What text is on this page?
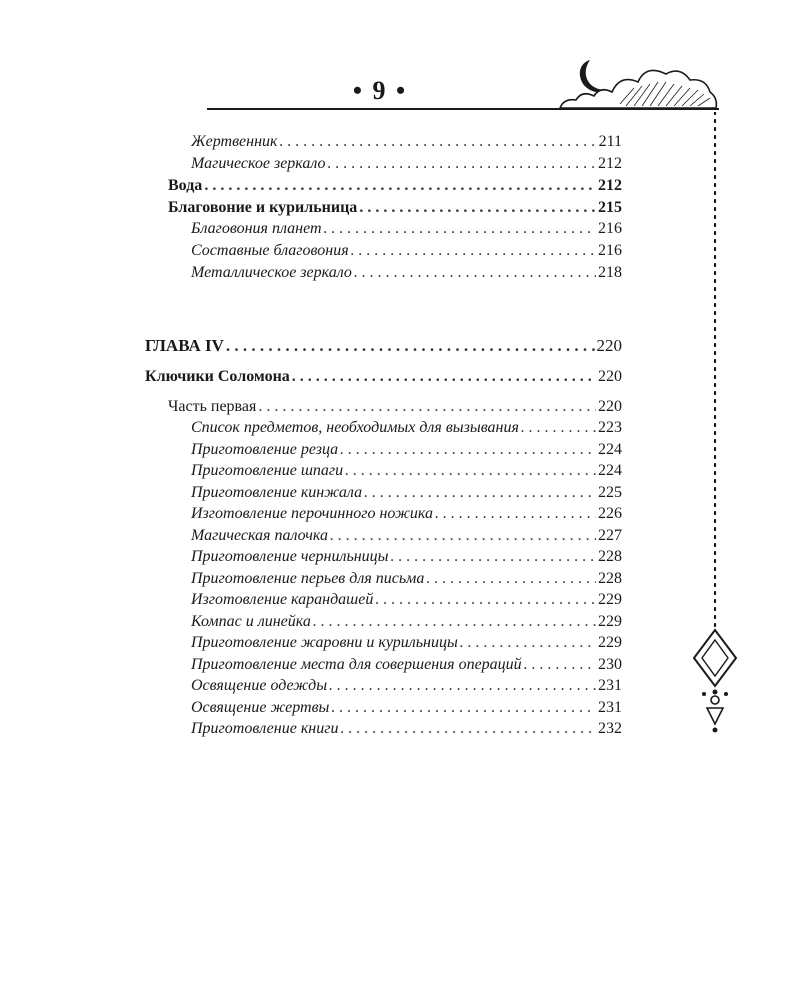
• 9 •
Жертвенник . . .	211
Магическое зеркало . . .	212
Вода . . .	212
Благовоние и курильница . . .	215
Благовония планет . . .	216
Составные благовония . . .	216
Металлическое зеркало . . .	218
ГЛАВА IV . . .	220
Ключики Соломона . . .	220
Часть первая . . .	220
Список предметов, необходимых для вызывания . . .	223
Приготовление резца . . .	224
Приготовление шпаги . . .	224
Приготовление кинжала . . .	225
Изготовление перочинного ножика . . .	226
Магическая палочка . . .	227
Приготовление чернильницы . . .	228
Приготовление перьев для письма . . .	228
Изготовление карандашей . . .	229
Компас и линейка . . .	229
Приготовление жаровни и курильницы . . .	229
Приготовление места для совершения операций . . .	230
Освящение одежды . . .	231
Освящение жертвы . . .	231
Приготовление книги . . .	232
